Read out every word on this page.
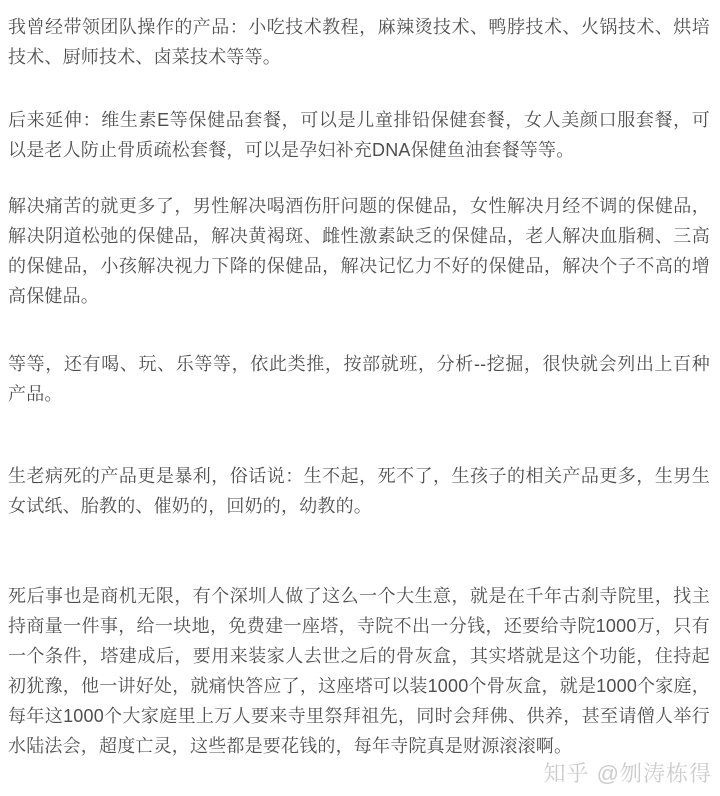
我曾经带领团队操作的产品：小吃技术教程，麻辣烫技术、鸭脖技术、火锅技术、烘培技术、厨师技术、卤菜技术等等。

后来延伸：维生素E等保健品套餐，可以是儿童排铅保健套餐，女人美颜口服套餐，可以是老人防止骨质疏松套餐，可以是孕妇补充DNA保健鱼油套餐等等。

解决痛苦的就更多了，男性解决喝酒伤肝问题的保健品，女性解决月经不调的保健品，解决阴道松弛的保健品，解决黄褐斑、雌性激素缺乏的保健品，老人解决血脂稠、三高的保健品，小孩解决视力下降的保健品，解决记忆力不好的保健品，解决个子不高的增高保健品。

等等，还有喝、玩、乐等等，依此类推，按部就班，分析--挖掘，很快就会列出上百种产品。

生老病死的产品更是暴利，俗话说：生不起，死不了，生孩子的相关产品更多，生男生女试纸、胎教的、催奶的，回奶的，幼教的。

死后事也是商机无限，有个深圳人做了这么一个大生意，就是在千年古刹寺院里，找主持商量一件事，给一块地，免费建一座塔，寺院不出一分钱，还要给寺院1000万，只有一个条件，塔建成后，要用来装家人去世之后的骨灰盒，其实塔就是这个功能，住持起初犹豫，他一讲好处，就痛快答应了，这座塔可以装1000个骨灰盒，就是1000个家庭，每年这1000个大家庭里上万人要来寺里祭拜祖先，同时会拜佛、供养，甚至请僧人举行水陆法会，超度亡灵，这些都是要花钱的，每年寺院真是财源滚滚啊。

知乎 @刎涛栋得
